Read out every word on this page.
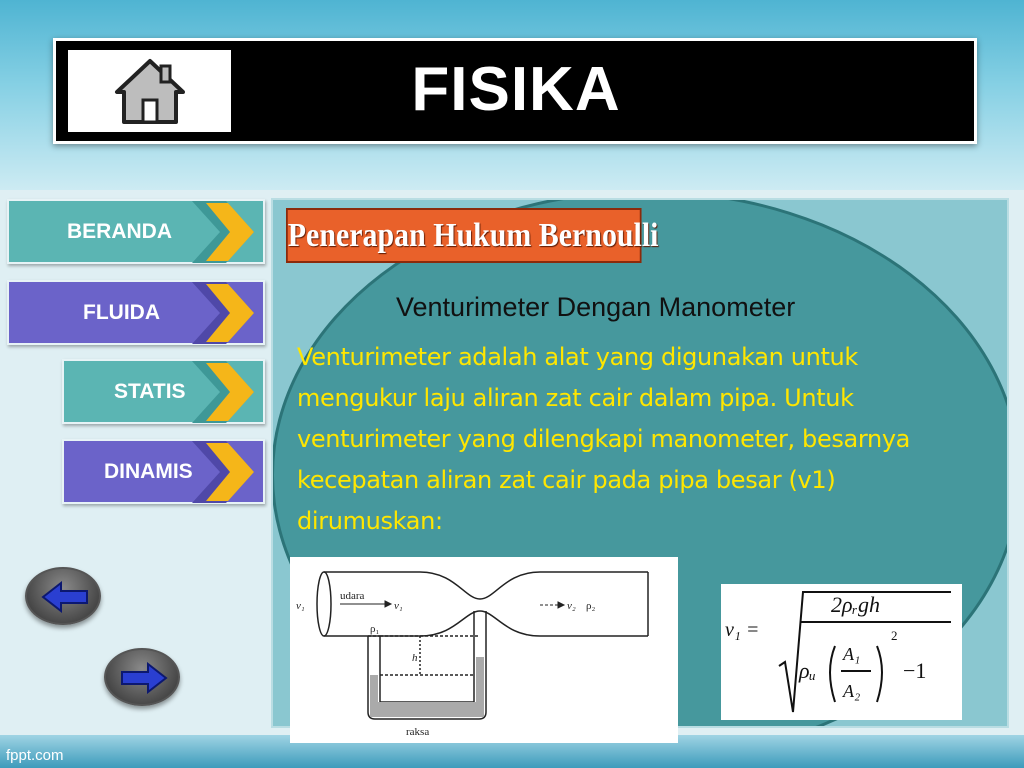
FISIKA
BERANDA
FLUIDA
STATIS
DINAMIS
Penerapan Hukum Bernoulli
Venturimeter Dengan Manometer
Venturimeter adalah alat yang digunakan untuk
mengukur laju aliran zat cair dalam pipa. Untuk
venturimeter yang dilengkapi manometer, besarnya
kecepatan aliran zat cair pada pipa besar (v1)
dirumuskan:
v₁
udara
v₁
ρ₁
v₂ ρ₂
h
raksa
v₁ =
2ρᵣgh
ρᵤ
A₁
A₂
2
−1
fppt.com
